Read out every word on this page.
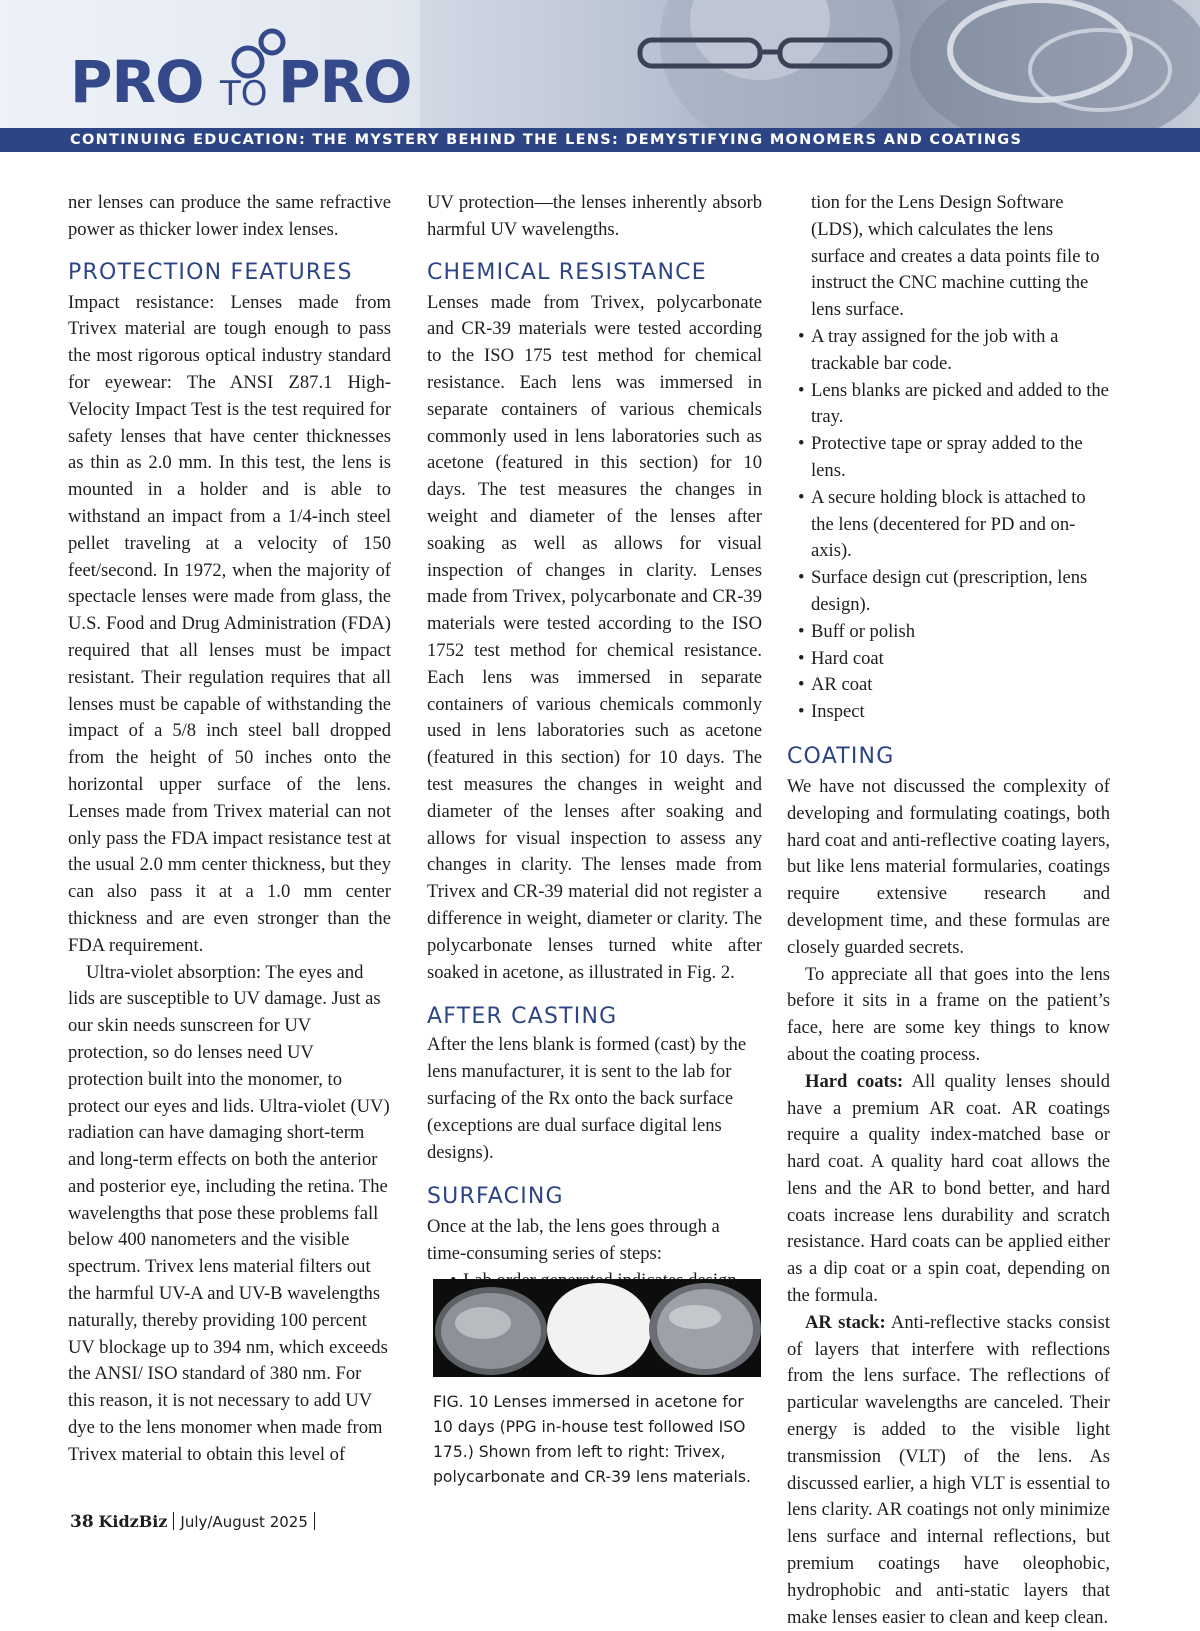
PRO TO PRO
CONTINUING EDUCATION: THE MYSTERY BEHIND THE LENS: DEMYSTIFYING MONOMERS AND COATINGS

ner lenses can produce the same refractive power as thicker lower index lenses.

PROTECTION FEATURES

Impact resistance: Lenses made from Trivex material are tough enough to pass the most rigorous optical industry standard for eyewear: The ANSI Z87.1 High-Velocity Impact Test is the test required for safety lenses that have center thicknesses as thin as 2.0 mm. In this test, the lens is mounted in a holder and is able to withstand an impact from a 1/4-inch steel pellet traveling at a velocity of 150 feet/second. In 1972, when the majority of spectacle lenses were made from glass, the U.S. Food and Drug Administration (FDA) required that all lenses must be impact resistant. Their regulation requires that all lenses must be capable of withstanding the impact of a 5/8 inch steel ball dropped from the height of 50 inches onto the horizontal upper surface of the lens. Lenses made from Trivex material can not only pass the FDA impact resistance test at the usual 2.0 mm center thickness, but they can also pass it at a 1.0 mm center thickness and are even stronger than the FDA requirement.

Ultra-violet absorption: The eyes and lids are susceptible to UV damage. Just as our skin needs sunscreen for UV protection, so do lenses need UV protection built into the monomer, to protect our eyes and lids. Ultra-violet (UV) radiation can have damaging short-term and long-term effects on both the anterior and posterior eye, including the retina. The wavelengths that pose these problems fall below 400 nanometers and the visible spectrum. Trivex lens material filters out the harmful UV-A and UV-B wavelengths naturally, thereby providing 100 percent UV blockage up to 394 nm, which exceeds the ANSI/ ISO standard of 380 nm. For this reason, it is not necessary to add UV dye to the lens monomer when made from Trivex material to obtain this level of

UV protection—the lenses inherently absorb harmful UV wavelengths.

CHEMICAL RESISTANCE

Lenses made from Trivex, polycarbonate and CR-39 materials were tested according to the ISO 175 test method for chemical resistance. Each lens was immersed in separate containers of various chemicals commonly used in lens laboratories such as acetone (featured in this section) for 10 days. The test measures the changes in weight and diameter of the lenses after soaking as well as allows for visual inspection of changes in clarity. Lenses made from Trivex, polycarbonate and CR-39 materials were tested according to the ISO 1752 test method for chemical resistance. Each lens was immersed in separate containers of various chemicals commonly used in lens laboratories such as acetone (featured in this section) for 10 days. The test measures the changes in weight and diameter of the lenses after soaking and allows for visual inspection to assess any changes in clarity. The lenses made from Trivex and CR-39 material did not register a difference in weight, diameter or clarity. The polycarbonate lenses turned white after soaked in acetone, as illustrated in Fig. 2.

AFTER CASTING

After the lens blank is formed (cast) by the lens manufacturer, it is sent to the lab for surfacing of the Rx onto the back surface (exceptions are dual surface digital lens designs).

SURFACING

Once at the lab, the lens goes through a time-consuming series of steps:

•
FIG. 10 Lenses immersed in acetone for 10 days (PPG in-house test followed ISO 175.) Shown from left to right: Trivex, polycarbonate and CR-39 lens materials.

tion for the Lens Design Software (LDS), which calculates the lens surface and creates a data points file to instruct the CNC machine cutting the lens surface.

• A tray assigned for the job with a trackable bar code.
• Lens blanks are picked and added to the tray.
• Protective tape or spray added to the lens.
• A secure holding block is attached to the lens (decentered for PD and on-axis).
• Surface design cut (prescription, lens design).
• Buff or polish
• Hard coat
• AR coat
• Inspect
COATING

We have not discussed the complexity of developing and formulating coatings, both hard coat and anti-reflective coating layers, but like lens material formularies, coatings require extensive research and development time, and these formulas are closely guarded secrets.

To appreciate all that goes into the lens before it sits in a frame on the patient’s face, here are some key things to know about the coating process.

Hard coats: All quality lenses should have a premium AR coat. AR coatings require a quality index-matched base or hard coat. A quality hard coat allows the lens and the AR to bond better, and hard coats increase lens durability and scratch resistance. Hard coats can be applied either as a dip coat or a spin coat, depending on the formula.

AR stack: Anti-reflective stacks consist of layers that interfere with reflections from the lens surface. The reflections of particular wavelengths are canceled. Their energy is added to the visible light transmission (VLT) of the lens. As discussed earlier, a high VLT is essential to lens clarity. AR coatings not only minimize lens surface and internal reflections, but premium coatings have oleophobic, hydrophobic and anti-static layers that make lenses easier to clean and keep clean.

38 KidzBiz July/August 2025
